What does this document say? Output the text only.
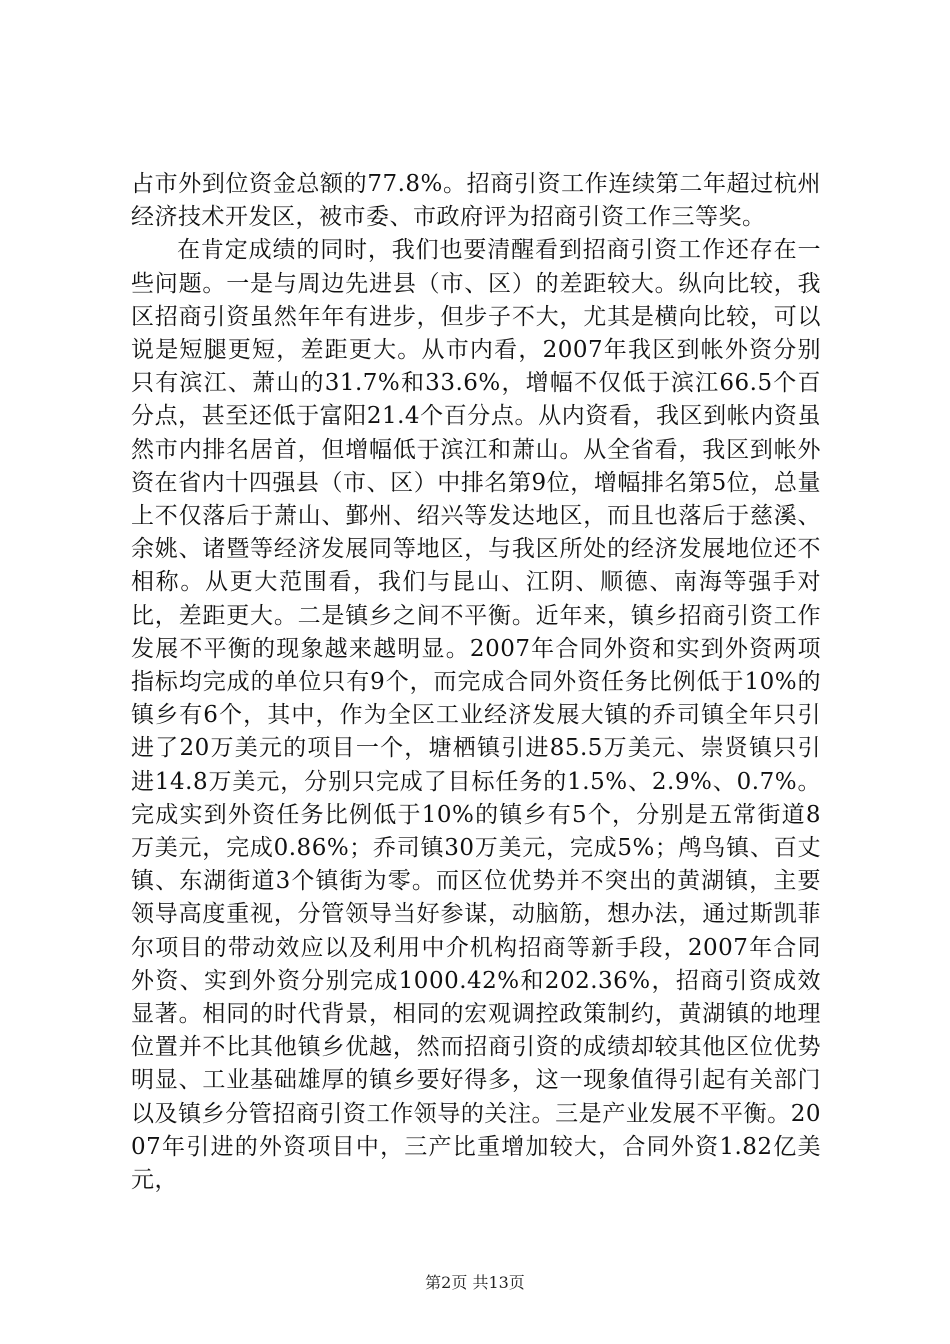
占市外到位资金总额的77.8%。招商引资工作连续第二年超过杭州经济技术开发区，被市委、市政府评为招商引资工作三等奖。

在肯定成绩的同时，我们也要清醒看到招商引资工作还存在一些问题。一是与周边先进县（市、区）的差距较大。纵向比较，我区招商引资虽然年年有进步，但步子不大，尤其是横向比较，可以说是短腿更短，差距更大。从市内看，2007年我区到帐外资分别只有滨江、萧山的31.7%和33.6%，增幅不仅低于滨江66.5个百分点，甚至还低于富阳21.4个百分点。从内资看，我区到帐内资虽然市内排名居首，但增幅低于滨江和萧山。从全省看，我区到帐外资在省内十四强县（市、区）中排名第9位，增幅排名第5位，总量上不仅落后于萧山、鄞州、绍兴等发达地区，而且也落后于慈溪、余姚、诸暨等经济发展同等地区，与我区所处的经济发展地位还不相称。从更大范围看，我们与昆山、江阴、顺德、南海等强手对比，差距更大。二是镇乡之间不平衡。近年来，镇乡招商引资工作发展不平衡的现象越来越明显。2007年合同外资和实到外资两项指标均完成的单位只有9个，而完成合同外资任务比例低于10%的镇乡有6个，其中，作为全区工业经济发展大镇的乔司镇全年只引进了20万美元的项目一个，塘栖镇引进85.5万美元、崇贤镇只引进14.8万美元，分别只完成了目标任务的1.5%、2.9%、0.7%。完成实到外资任务比例低于10%的镇乡有5个，分别是五常街道8万美元，完成0.86%；乔司镇30万美元，完成5%；鸬鸟镇、百丈镇、东湖街道3个镇街为零。而区位优势并不突出的黄湖镇，主要领导高度重视，分管领导当好参谋，动脑筋，想办法，通过斯凯菲尔项目的带动效应以及利用中介机构招商等新手段，2007年合同外资、实到外资分别完成1000.42%和202.36%，招商引资成效显著。相同的时代背景，相同的宏观调控政策制约，黄湖镇的地理位置并不比其他镇乡优越，然而招商引资的成绩却较其他区位优势明显、工业基础雄厚的镇乡要好得多，这一现象值得引起有关部门以及镇乡分管招商引资工作领导的关注。三是产业发展不平衡。2007年引进的外资项目中，三产比重增加较大，合同外资1.82亿美元，

第2页 共13页
